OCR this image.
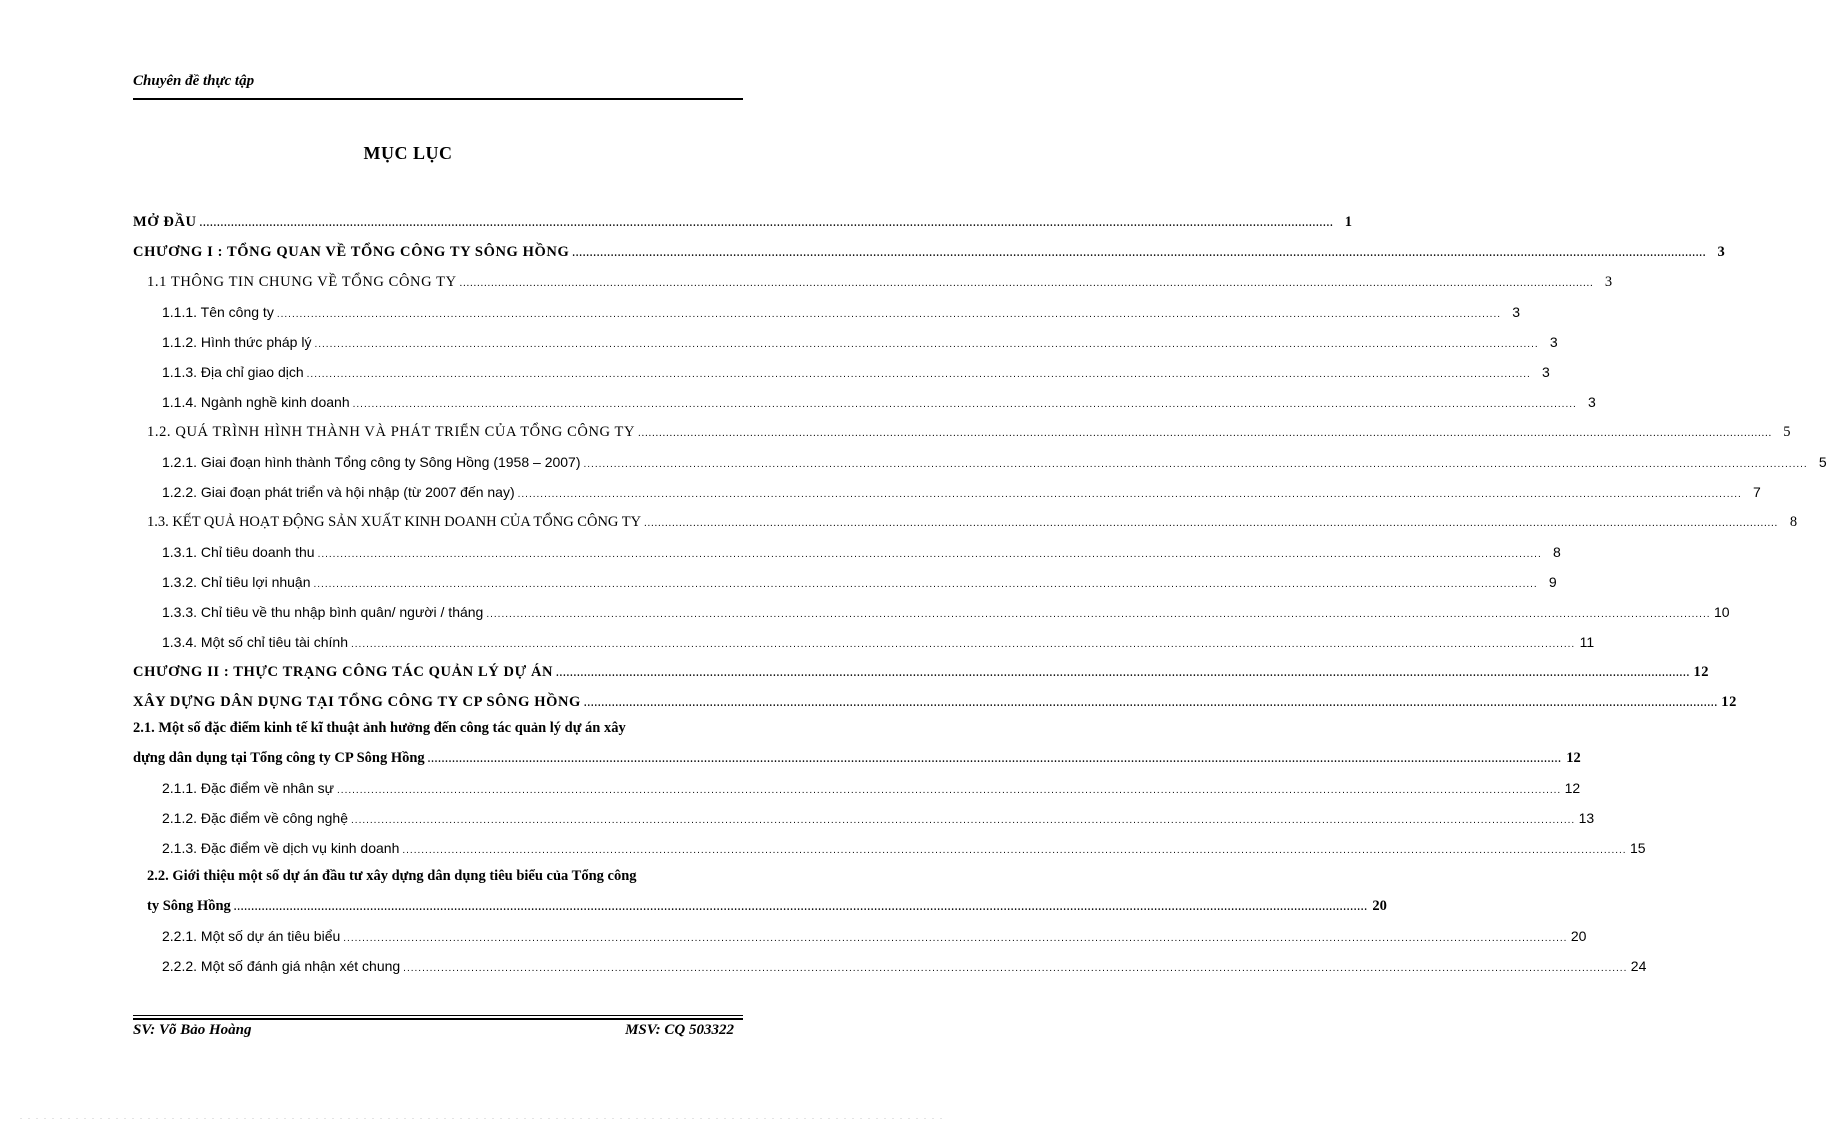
Chuyên đề thực tập
MỤC LỤC
MỞ ĐẦU .....	1
CHƯƠNG I : TỔNG QUAN VỀ TỔNG CÔNG TY SÔNG HỒNG .....	3
1.1 THÔNG TIN CHUNG VỀ TỔNG CÔNG TY .....	3
1.1.1. Tên công ty .....	3
1.1.2. Hình thức pháp lý .....	3
1.1.3. Địa chỉ giao dịch .....	3
1.1.4. Ngành nghề kinh doanh .....	3
1.2. QUÁ TRÌNH HÌNH THÀNH VÀ PHÁT TRIỂN CỦA TỔNG CÔNG TY .....	5
1.2.1. Giai đoạn hình thành Tổng công ty Sông Hồng (1958 – 2007) .....	5
1.2.2. Giai đoạn phát triển và hội nhập (từ 2007 đến nay) .....	7
1.3. KẾT QUẢ HOẠT ĐỘNG SẢN XUẤT KINH DOANH CỦA TỔNG CÔNG TY .....	8
1.3.1. Chỉ tiêu doanh thu .....	8
1.3.2. Chỉ tiêu lợi nhuận .....	9
1.3.3. Chỉ tiêu về thu nhập bình quân/ người / tháng .....	10
1.3.4. Một số chỉ tiêu tài chính .....	11
CHƯƠNG II : THỰC TRẠNG CÔNG TÁC QUẢN LÝ DỰ ÁN .....	12
XÂY DỰNG DÂN DỤNG TẠI TỔNG CÔNG TY CP SÔNG HỒNG .....	12
2.1. Một số đặc điểm kinh tế kĩ thuật ảnh hưởng đến công tác quản lý dự án xây
dựng dân dụng tại Tổng công ty CP Sông Hồng .....	12
2.1.1. Đặc điểm về nhân sự .....	12
2.1.2. Đặc điểm về công nghệ .....	13
2.1.3. Đặc điểm về dịch vụ kinh doanh .....	15
2.2. Giới thiệu một số dự án đầu tư xây dựng dân dụng tiêu biểu của Tổng công
ty Sông Hồng .....	20
2.2.1. Một số dự án tiêu biểu .....	20
2.2.2. Một số đánh giá nhận xét chung .....	24
SV: Võ Bảo Hoàng	MSV: CQ 503322
. . . . . . . . . . . . . . . . . . . . . . . . . . . . . . . . . . . . . . . . . . . . . . . . . . . . . . . . . . . . . . . . . . . . . . . . . . . . . . . . . . . . . . . . . . . . . . . . . . . . . . . . . . . . . . . . . . . .
